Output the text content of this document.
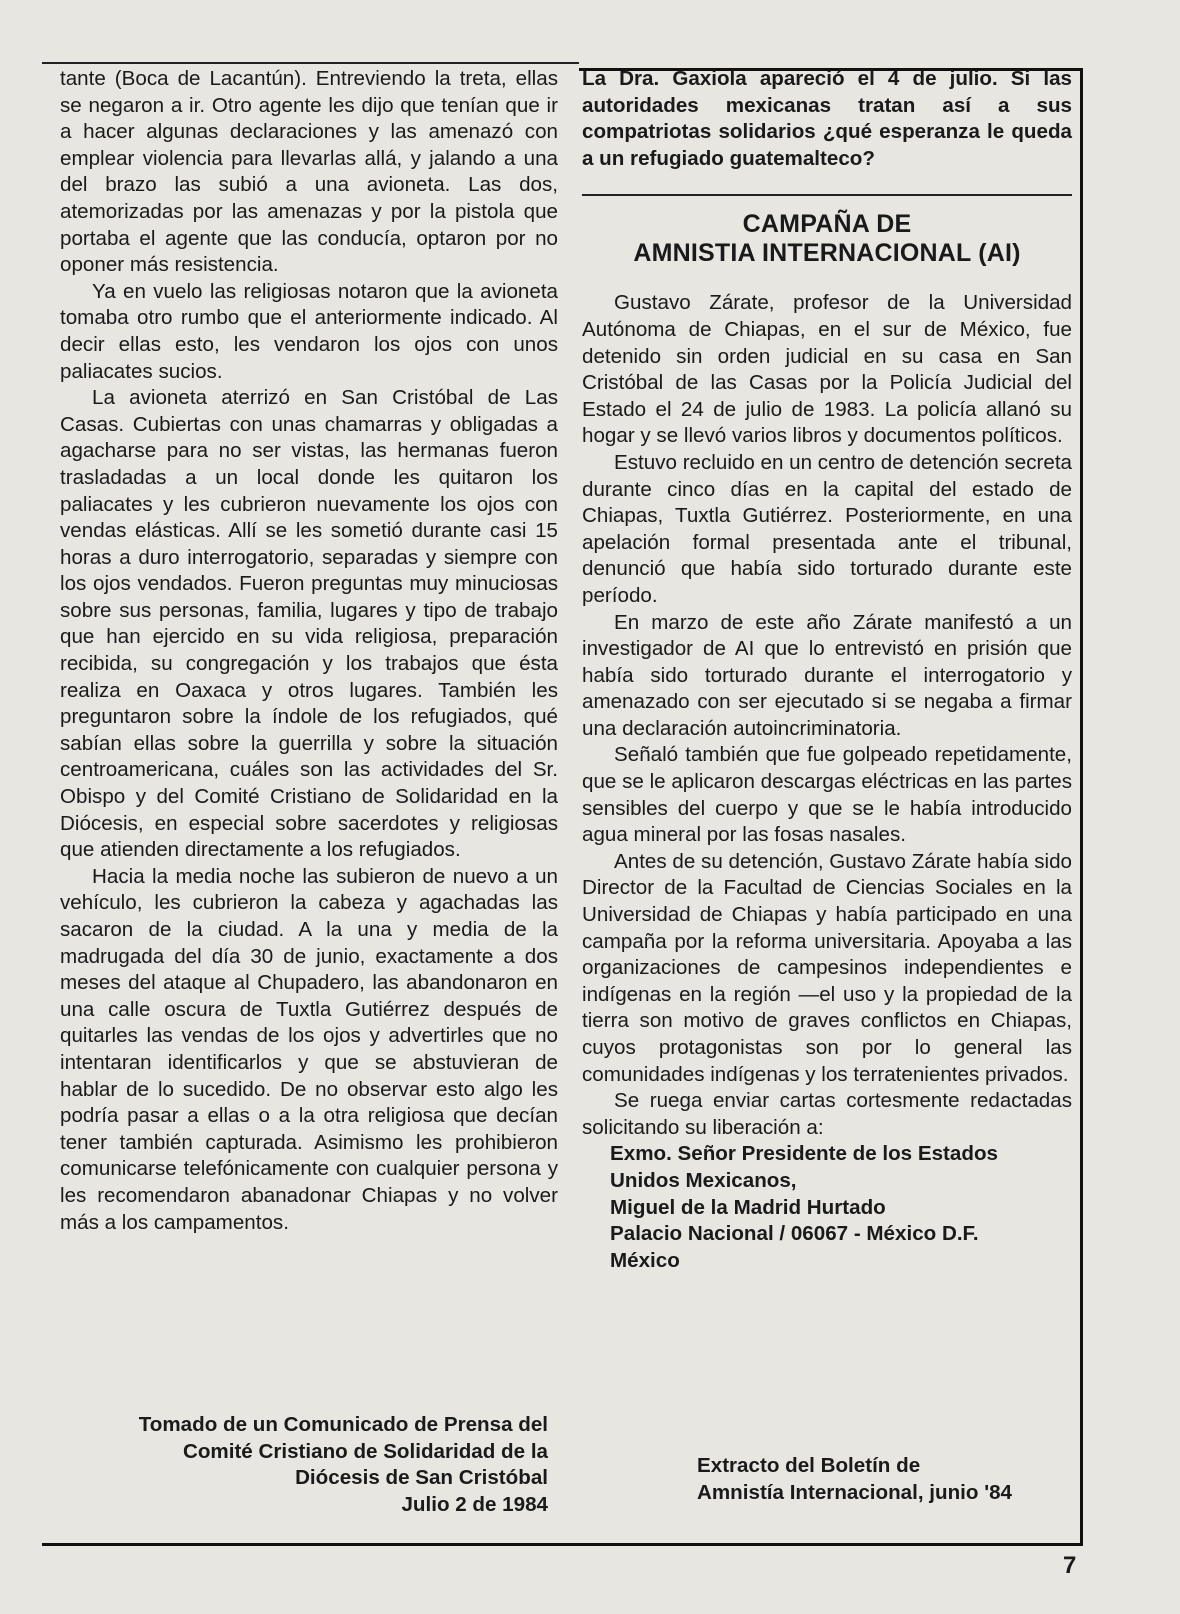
tante (Boca de Lacantún). Entreviendo la treta, ellas se negaron a ir. Otro agente les dijo que tenían que ir a hacer algunas declaraciones y las amenazó con emplear violencia para llevarlas allá, y jalando a una del brazo las subió a una avioneta. Las dos, atemorizadas por las amenazas y por la pistola que portaba el agente que las conducía, optaron por no oponer más resistencia.

Ya en vuelo las religiosas notaron que la avioneta tomaba otro rumbo que el anteriormente indicado. Al decir ellas esto, les vendaron los ojos con unos paliacates sucios.

La avioneta aterrizó en San Cristóbal de Las Casas. Cubiertas con unas chamarras y obligadas a agacharse para no ser vistas, las hermanas fueron trasladadas a un local donde les quitaron los paliacates y les cubrieron nuevamente los ojos con vendas elásticas. Allí se les sometió durante casi 15 horas a duro interrogatorio, separadas y siempre con los ojos vendados. Fueron preguntas muy minuciosas sobre sus personas, familia, lugares y tipo de trabajo que han ejercido en su vida religiosa, preparación recibida, su congregación y los trabajos que ésta realiza en Oaxaca y otros lugares. También les preguntaron sobre la índole de los refugiados, qué sabían ellas sobre la guerrilla y sobre la situación centroamericana, cuáles son las actividades del Sr. Obispo y del Comité Cristiano de Solidaridad en la Diócesis, en especial sobre sacerdotes y religiosas que atienden directamente a los refugiados.

Hacia la media noche las subieron de nuevo a un vehículo, les cubrieron la cabeza y agachadas las sacaron de la ciudad. A la una y media de la madrugada del día 30 de junio, exactamente a dos meses del ataque al Chupadero, las abandonaron en una calle oscura de Tuxtla Gutiérrez después de quitarles las vendas de los ojos y advertirles que no intentaran identificarlos y que se abstuvieran de hablar de lo sucedido. De no observar esto algo les podría pasar a ellas o a la otra religiosa que decían tener también capturada. Asimismo les prohibieron comunicarse telefónicamente con cualquier persona y les recomendaron abanadonar Chiapas y no volver más a los campamentos.

Tomado de un Comunicado de Prensa del
Comité Cristiano de Solidaridad de la
Diócesis de San Cristóbal
Julio 2 de 1984

La Dra. Gaxiola apareció el 4 de julio. Si las autoridades mexicanas tratan así a sus compatriotas solidarios ¿qué esperanza le queda a un refugiado guatemalteco?

CAMPAÑA DE
AMNISTIA INTERNACIONAL (AI)

Gustavo Zárate, profesor de la Universidad Autónoma de Chiapas, en el sur de México, fue detenido sin orden judicial en su casa en San Cristóbal de las Casas por la Policía Judicial del Estado el 24 de julio de 1983. La policía allanó su hogar y se llevó varios libros y documentos políticos.

Estuvo recluido en un centro de detención secreta durante cinco días en la capital del estado de Chiapas, Tuxtla Gutiérrez. Posteriormente, en una apelación formal presentada ante el tribunal, denunció que había sido torturado durante este período.

En marzo de este año Zárate manifestó a un investigador de AI que lo entrevistó en prisión que había sido torturado durante el interrogatorio y amenazado con ser ejecutado si se negaba a firmar una declaración autoincriminatoria.

Señaló también que fue golpeado repetidamente, que se le aplicaron descargas eléctricas en las partes sensibles del cuerpo y que se le había introducido agua mineral por las fosas nasales.

Antes de su detención, Gustavo Zárate había sido Director de la Facultad de Ciencias Sociales en la Universidad de Chiapas y había participado en una campaña por la reforma universitaria. Apoyaba a las organizaciones de campesinos independientes e indígenas en la región —el uso y la propiedad de la tierra son motivo de graves conflictos en Chiapas, cuyos protagonistas son por lo general las comunidades indígenas y los terratenientes privados.

Se ruega enviar cartas cortesmente redactadas solicitando su liberación a:

Exmo. Señor Presidente de los Estados
Unidos Mexicanos,
Miguel de la Madrid Hurtado
Palacio Nacional / 06067 - México D.F.
México
Extracto del Boletín de
Amnistía Internacional, junio '84
7
